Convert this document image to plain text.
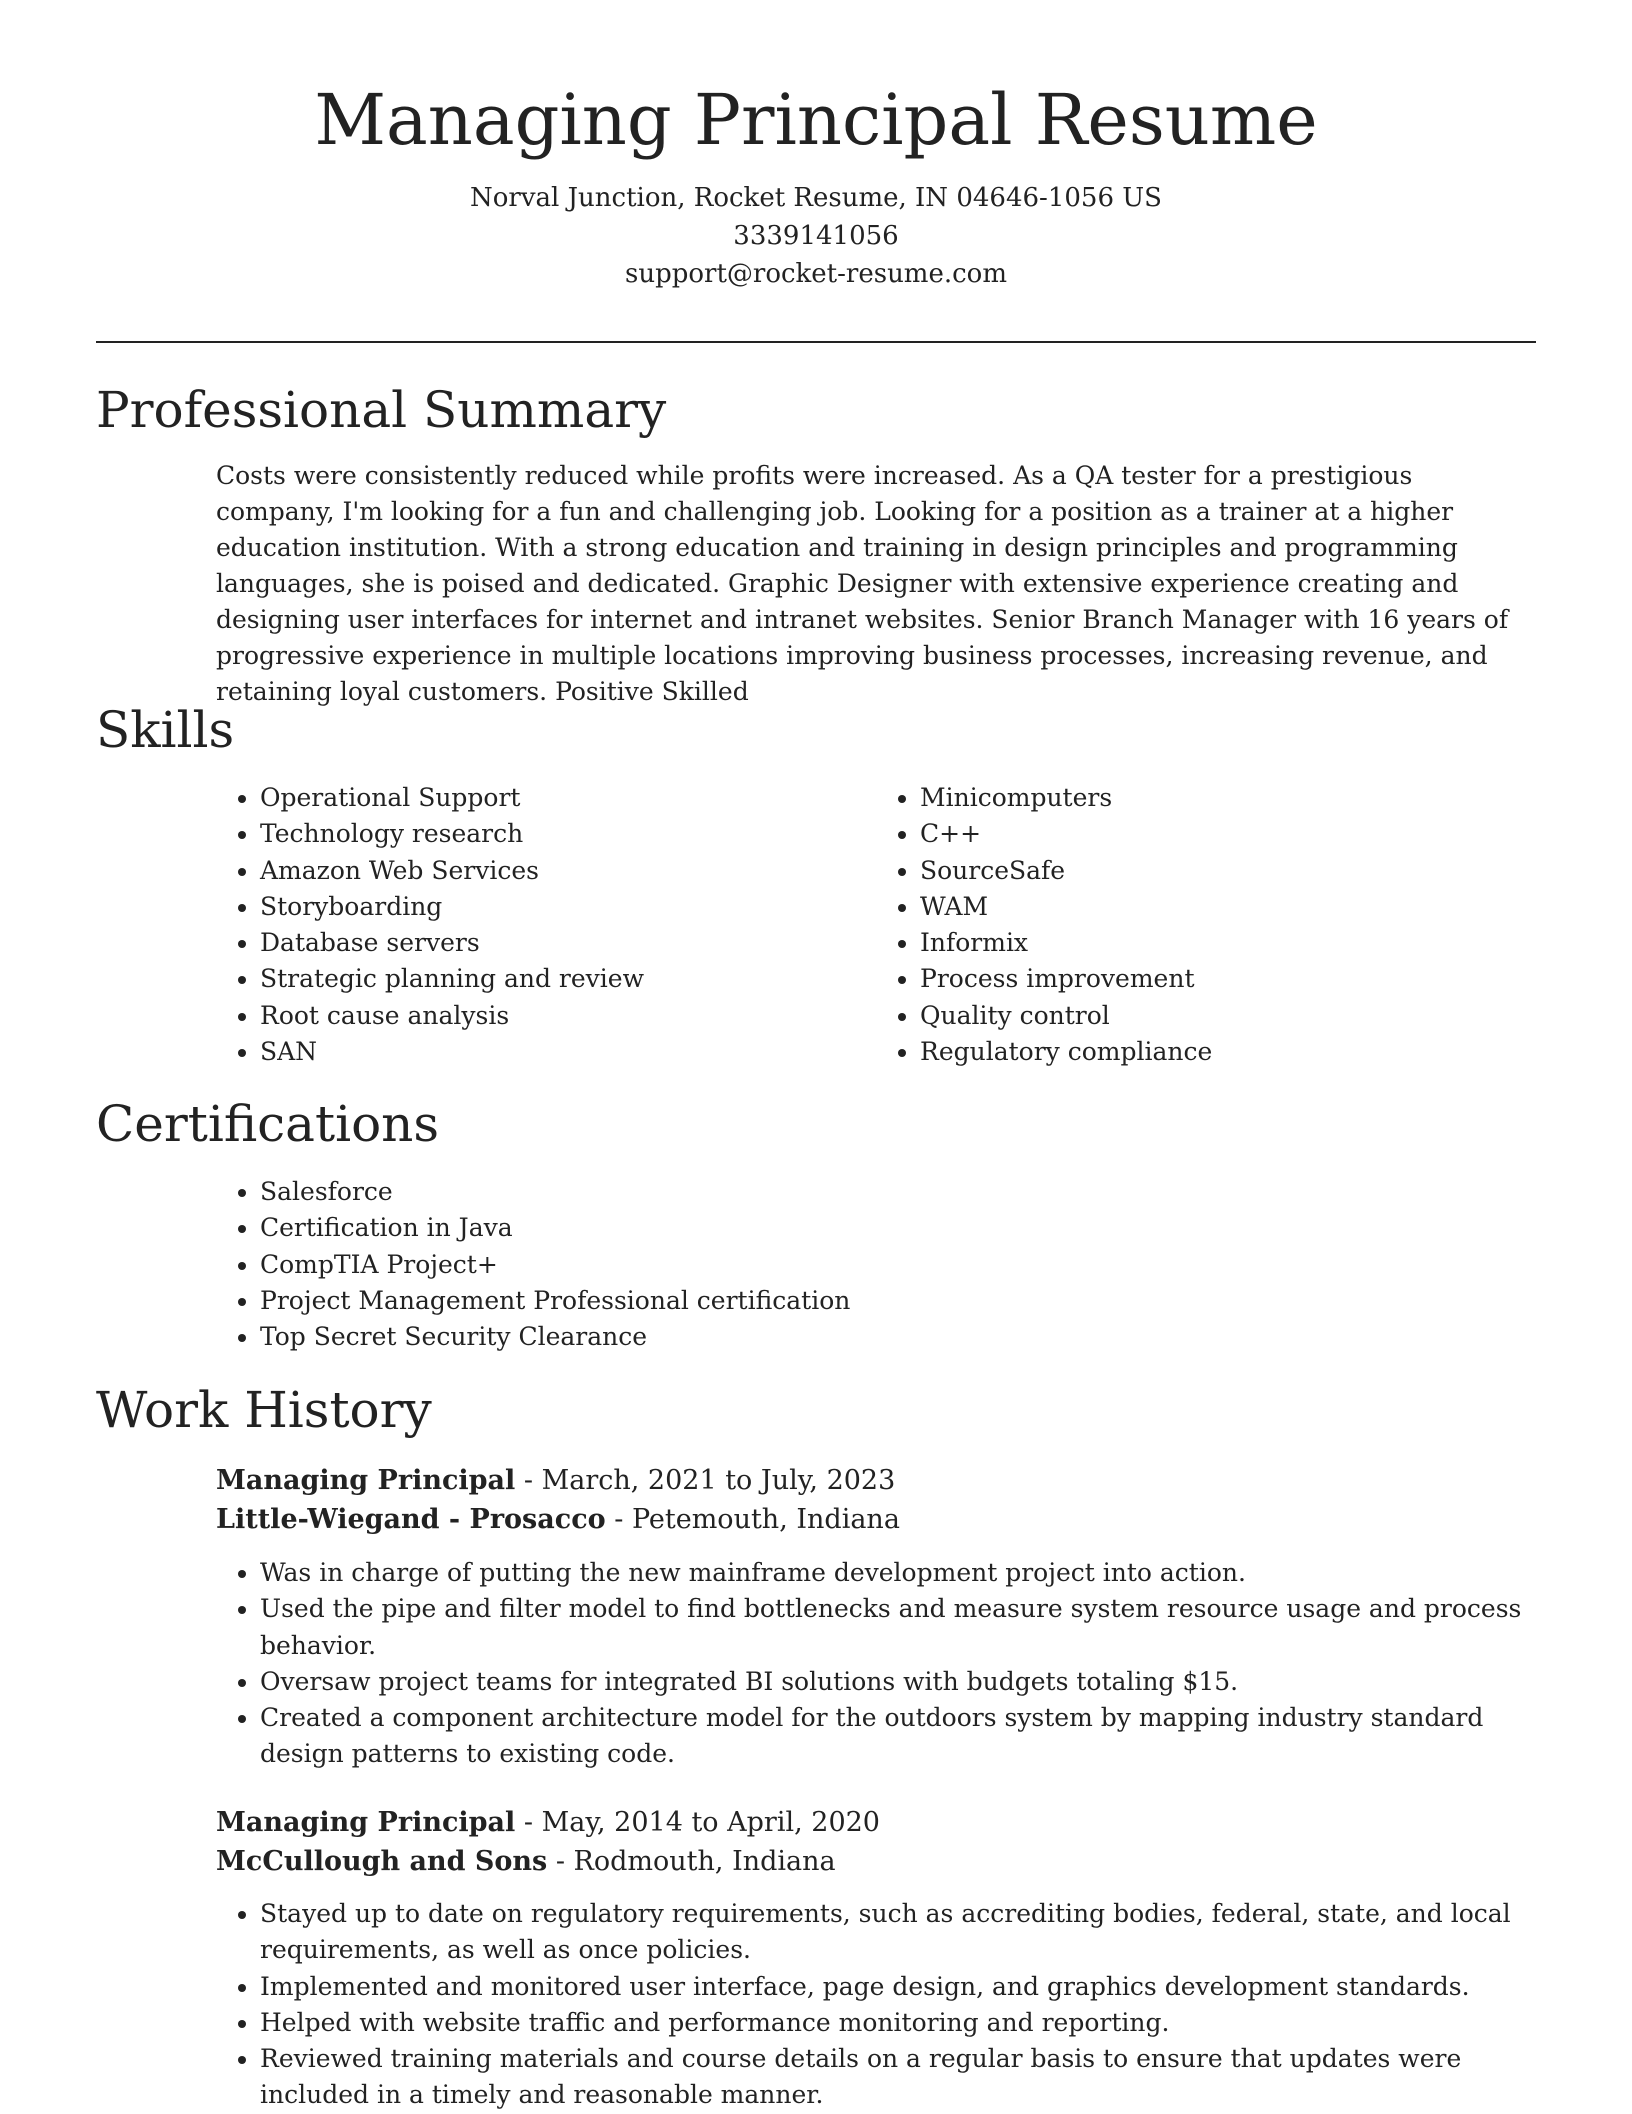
Managing Principal Resume
Norval Junction, Rocket Resume, IN 04646-1056 US
3339141056
support@rocket-resume.com
Professional Summary
Costs were consistently reduced while profits were increased. As a QA tester for a prestigious company, I'm looking for a fun and challenging job. Looking for a position as a trainer at a higher education institution. With a strong education and training in design principles and programming languages, she is poised and dedicated. Graphic Designer with extensive experience creating and designing user interfaces for internet and intranet websites. Senior Branch Manager with 16 years of progressive experience in multiple locations improving business processes, increasing revenue, and retaining loyal customers. Positive Skilled
Skills
• Operational Support
• Technology research
• Amazon Web Services
• Storyboarding
• Database servers
• Strategic planning and review
• Root cause analysis
• SAN
• Minicomputers
• C++
• SourceSafe
• WAM
• Informix
• Process improvement
• Quality control
• Regulatory compliance
Certifications
• Salesforce
• Certification in Java
• CompTIA Project+
• Project Management Professional certification
• Top Secret Security Clearance
Work History
Managing Principal - March, 2021 to July, 2023
Little-Wiegand - Prosacco - Petemouth, Indiana
• Was in charge of putting the new mainframe development project into action.
• Used the pipe and filter model to find bottlenecks and measure system resource usage and process behavior.
• Oversaw project teams for integrated BI solutions with budgets totaling $15.
• Created a component architecture model for the outdoors system by mapping industry standard design patterns to existing code.
Managing Principal - May, 2014 to April, 2020
McCullough and Sons - Rodmouth, Indiana
• Stayed up to date on regulatory requirements, such as accrediting bodies, federal, state, and local requirements, as well as once policies.
• Implemented and monitored user interface, page design, and graphics development standards.
• Helped with website traffic and performance monitoring and reporting.
• Reviewed training materials and course details on a regular basis to ensure that updates were included in a timely and reasonable manner.
